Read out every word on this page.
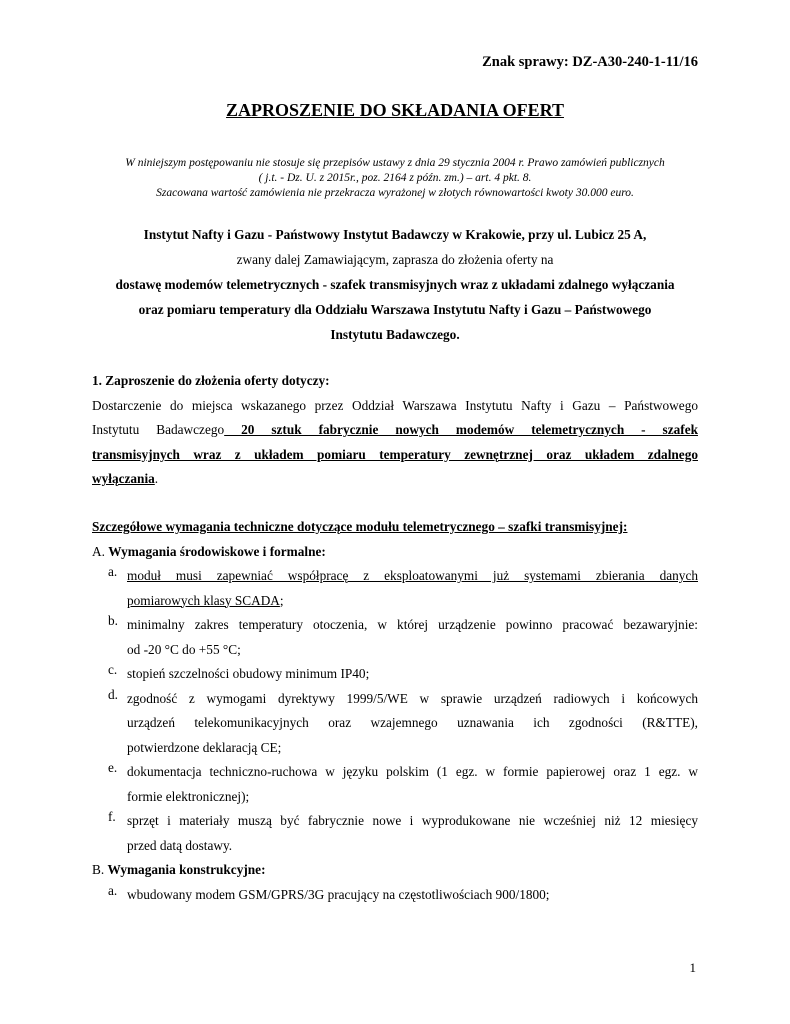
Znak sprawy: DZ-A30-240-1-11/16
ZAPROSZENIE DO SKŁADANIA OFERT
W niniejszym postępowaniu nie stosuje się przepisów ustawy z dnia 29 stycznia 2004 r. Prawo zamówień publicznych
( j.t. - Dz. U. z 2015r., poz. 2164 z późn. zm.) – art. 4 pkt. 8.
Szacowana wartość zamówienia nie przekracza wyrażonej w złotych równowartości kwoty 30.000 euro.
Instytut Nafty i Gazu - Państwowy Instytut Badawczy w Krakowie, przy ul. Lubicz 25 A,
zwany dalej Zamawiającym, zaprasza do złożenia oferty na
dostawę modemów telemetrycznych - szafek transmisyjnych wraz z układami zdalnego wyłączania
oraz pomiaru temperatury dla Oddziału Warszawa Instytutu Nafty i Gazu – Państwowego
Instytutu Badawczego.
1. Zaproszenie do złożenia oferty dotyczy:
Dostarczenie do miejsca wskazanego przez Oddział Warszawa Instytutu Nafty i Gazu – Państwowego
Instytutu Badawczego 20 sztuk fabrycznie nowych modemów telemetrycznych - szafek
transmisyjnych wraz z układem pomiaru temperatury zewnętrznej oraz układem zdalnego
wyłączania.
Szczegółowe wymagania techniczne dotyczące modułu telemetrycznego – szafki transmisyjnej:
A. Wymagania środowiskowe i formalne:
a. moduł musi zapewniać współpracę z eksploatowanymi już systemami zbierania danych
pomiarowych klasy SCADA;
b. minimalny zakres temperatury otoczenia, w której urządzenie powinno pracować bezawaryjnie:
od -20 °C do +55 °C;
c. stopień szczelności obudowy minimum IP40;
d. zgodność z wymogami dyrektywy 1999/5/WE w sprawie urządzeń radiowych i końcowych
urządzeń telekomunikacyjnych oraz wzajemnego uznawania ich zgodności (R&TTE),
potwierdzone deklaracją CE;
e. dokumentacja techniczno-ruchowa w języku polskim (1 egz. w formie papierowej oraz 1 egz. w
formie elektronicznej);
f. sprzęt i materiały muszą być fabrycznie nowe i wyprodukowane nie wcześniej niż 12 miesięcy
przed datą dostawy.
B. Wymagania konstrukcyjne:
a. wbudowany modem GSM/GPRS/3G pracujący na częstotliwościach 900/1800;
1
